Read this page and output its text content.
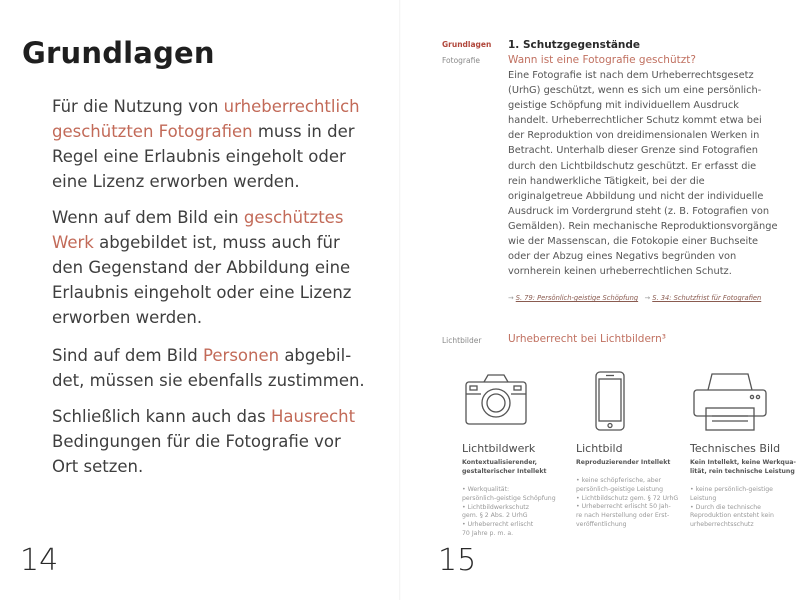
Grundlagen
Für die Nutzung von urheberrechtlich geschützten Fotografien muss in der Regel eine Erlaubnis eingeholt oder eine Lizenz erworben werden.
Wenn auf dem Bild ein geschütztes Werk abgebildet ist, muss auch für den Gegenstand der Abbildung eine Erlaubnis eingeholt oder eine Lizenz erworben werden.
Sind auf dem Bild Personen abgebildet, müssen sie ebenfalls zustimmen.
Schließlich kann auch das Hausrecht Bedingungen für die Fotografie vor Ort setzen.
14
Grundlagen
Fotografie
1. Schutzgegenstände
Wann ist eine Fotografie geschützt?
Eine Fotografie ist nach dem Urheberrechtsgesetz (UrhG) geschützt, wenn es sich um eine persönlich-geistige Schöpfung mit individuellem Ausdruck handelt. Urheberrechtlicher Schutz kommt etwa bei der Reproduktion von dreidimensionalen Werken in Betracht. Unterhalb dieser Grenze sind Fotografien durch den Lichtbildschutz geschützt. Er erfasst die rein handwerkliche Tätigkeit, bei der die originalgetreue Abbildung und nicht der individuelle Ausdruck im Vordergrund steht (z. B. Fotografien von Gemälden). Rein mechanische Reproduktionsvorgänge wie der Massenscan, die Fotokopie einer Buchseite oder der Abzug eines Negativs begründen von vornherein keinen urheberrechtlichen Schutz.
→ S. 79: Persönlich-geistige Schöpfung   → S. 34: Schutzfrist für Fotografien
Lichtbilder	Urheberrecht bei Lichtbildern³
Lichtbildwerk
Kontextualisierender,
gestalterischer Intellekt
• Werkqualität:
persönlich-geistige Schöpfung
• Lichtbildwerkschutz
gem. § 2 Abs. 2 UrhG
• Urheberrecht erlischt
70 Jahre p. m. a.
Lichtbild
Reproduzierender Intellekt
• keine schöpferische, aber
persönlich-geistige Leistung
• Lichtbildschutz gem. § 72 UrhG
• Urheberrecht erlischt 50 Jah-
re nach Herstellung oder Erst-
veröffentlichung
Technisches Bild
Kein Intellekt, keine Werkqua-
lität, rein technische Leistung
• keine persönlich-geistige
Leistung
• Durch die technische
Reproduktion entsteht kein
urheberrechtsschutz
15
